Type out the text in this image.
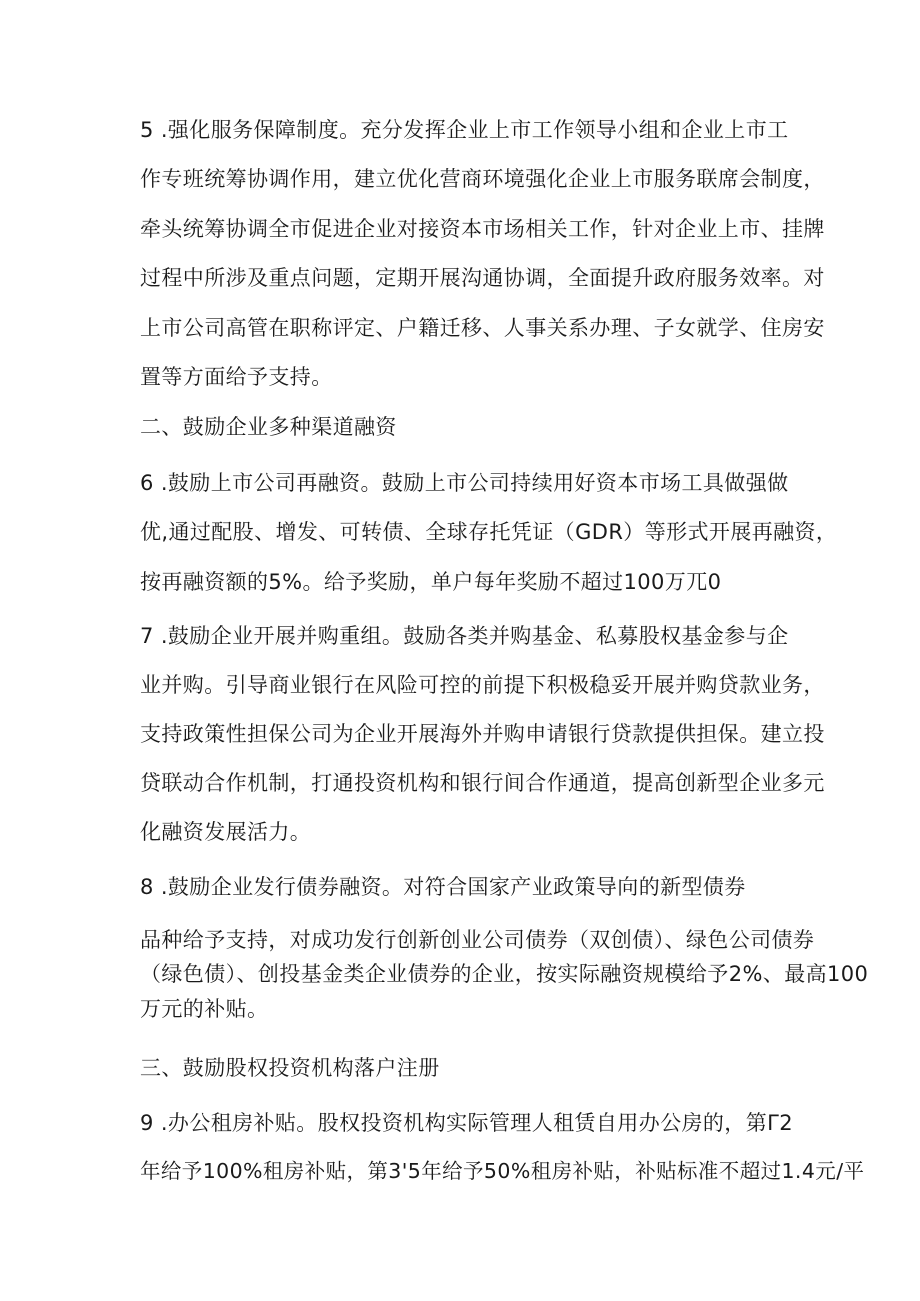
5 .强化服务保障制度。充分发挥企业上市工作领导小组和企业上市工
作专班统筹协调作用，建立优化营商环境强化企业上市服务联席会制度，
牵头统筹协调全市促进企业对接资本市场相关工作，针对企业上市、挂牌
过程中所涉及重点问题，定期开展沟通协调，全面提升政府服务效率。对
上市公司高管在职称评定、户籍迁移、人事关系办理、子女就学、住房安
置等方面给予支持。
二、鼓励企业多种渠道融资
6 .鼓励上市公司再融资。鼓励上市公司持续用好资本市场工具做强做
优,通过配股、增发、可转债、全球存托凭证（GDR）等形式开展再融资，
按再融资额的5%。给予奖励，单户每年奖励不超过100万兀0
7 .鼓励企业开展并购重组。鼓励各类并购基金、私募股权基金参与企
业并购。引导商业银行在风险可控的前提下积极稳妥开展并购贷款业务，
支持政策性担保公司为企业开展海外并购申请银行贷款提供担保。建立投
贷联动合作机制，打通投资机构和银行间合作通道，提高创新型企业多元
化融资发展活力。
8 .鼓励企业发行债券融资。对符合国家产业政策导向的新型债券
品种给予支持，对成功发行创新创业公司债券（双创债）、绿色公司债券
（绿色债）、创投基金类企业债券的企业，按实际融资规模给予2%、最高100
万元的补贴。
三、鼓励股权投资机构落户注册
9 .办公租房补贴。股权投资机构实际管理人租赁自用办公房的，第Γ2
年给予100%租房补贴，第3'5年给予50%租房补贴，补贴标准不超过1.4元/平
